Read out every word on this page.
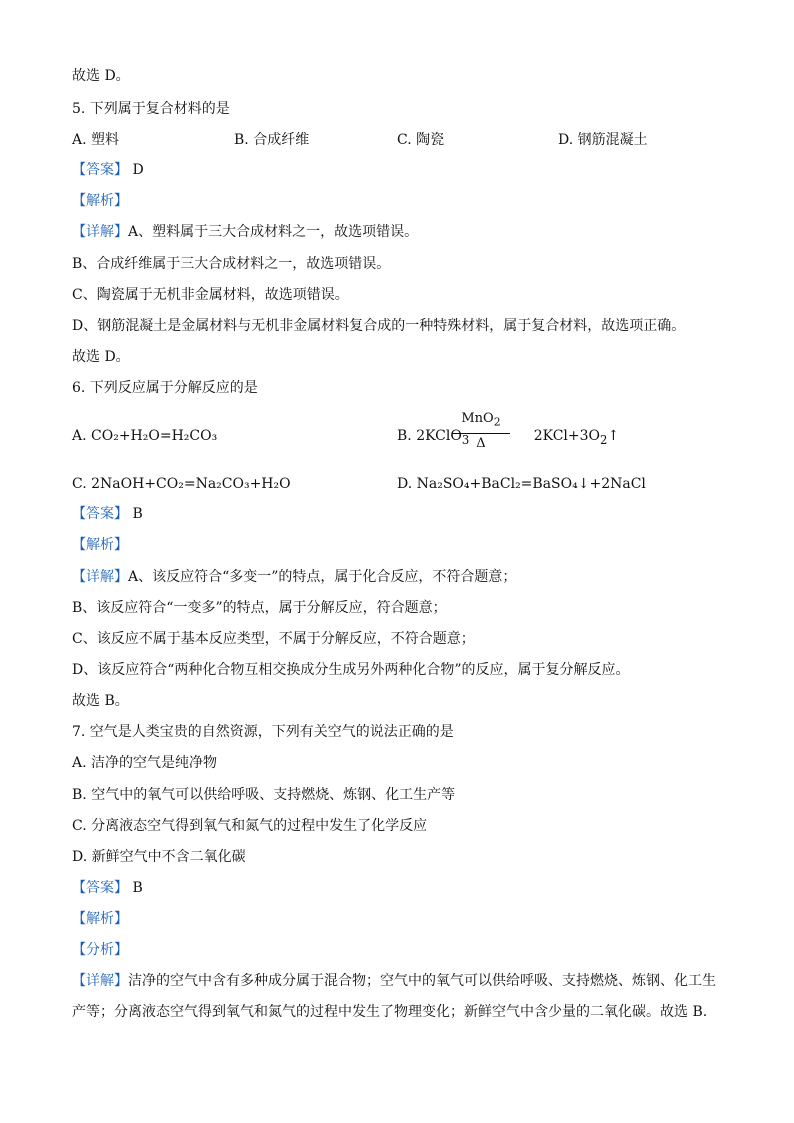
故选 D。
5. 下列属于复合材料的是
A. 塑料	B. 合成纤维	C. 陶瓷	D. 钢筋混凝土
【答案】 D
【解析】
【详解】A、塑料属于三大合成材料之一，故选项错误。
B、合成纤维属于三大合成材料之一，故选项错误。
C、陶瓷属于无机非金属材料，故选项错误。
D、钢筋混凝土是金属材料与无机非金属材料复合成的一种特殊材料，属于复合材料，故选项正确。
故选 D。
6. 下列反应属于分解反应的是
A. CO₂+H₂O=H₂CO₃	B. 2KClO$_3$	$2KCl+3O_2↑$
MnO$_2$
Δ
C. 2NaOH+CO₂=Na₂CO₃+H₂O	D. Na₂SO₄+BaCl₂=BaSO₄↓+2NaCl
【答案】 B
【解析】
【详解】A、该反应符合“多变一”的特点，属于化合反应，不符合题意；
B、该反应符合“一变多”的特点，属于分解反应，符合题意；
C、该反应不属于基本反应类型，不属于分解反应，不符合题意；
D、该反应符合“两种化合物互相交换成分生成另外两种化合物”的反应，属于复分解反应。
故选 B。
7. 空气是人类宝贵的自然资源，下列有关空气的说法正确的是
A. 洁净的空气是纯净物
B. 空气中的氧气可以供给呼吸、支持燃烧、炼钢、化工生产等
C. 分离液态空气得到氧气和氮气的过程中发生了化学反应
D. 新鲜空气中不含二氧化碳
【答案】 B
【解析】
【分析】
【详解】洁净的空气中含有多种成分属于混合物；空气中的氧气可以供给呼吸、支持燃烧、炼钢、化工生产等；分离液态空气得到氧气和氮气的过程中发生了物理变化；新鲜空气中含少量的二氧化碳。故选 B.
